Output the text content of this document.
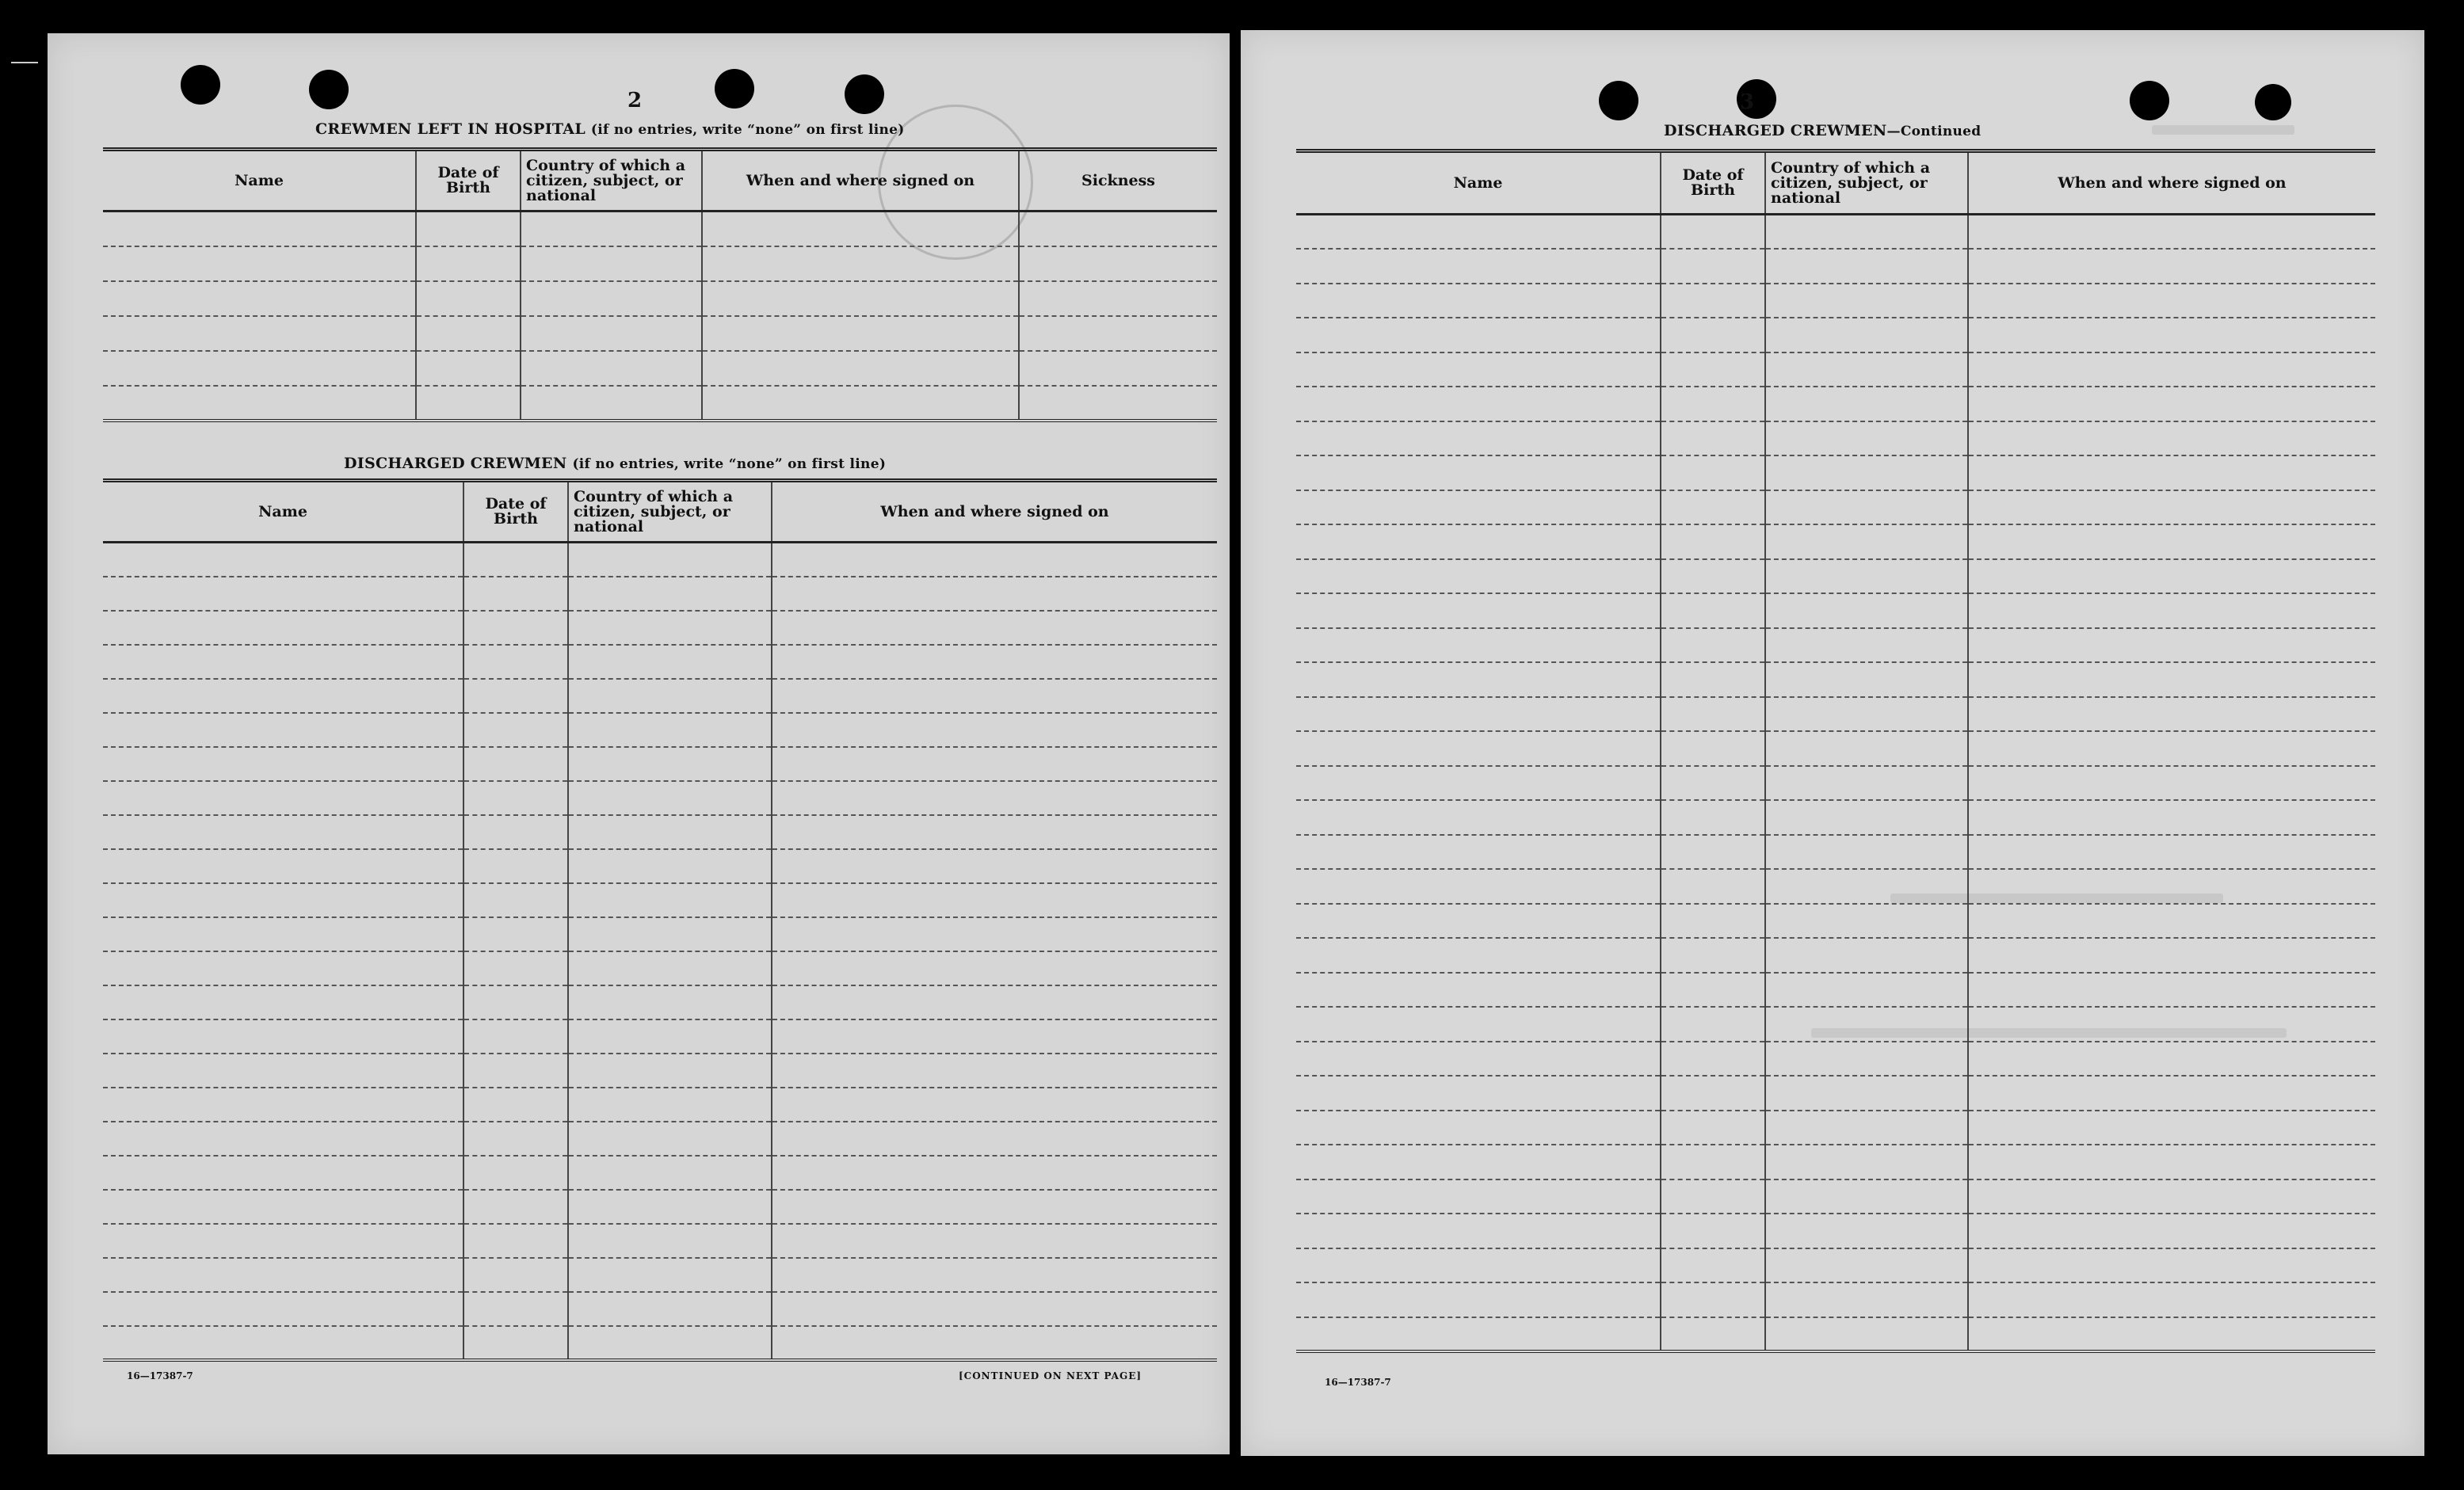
2
CREWMEN LEFT IN HOSPITAL (if no entries, write “none” on first line)
Name	Date of Birth	Country of which a citizen, subject, or national	When and where signed on	Sickness

DISCHARGED CREWMEN (if no entries, write “none” on first line)
Name	Date of Birth	Country of which a citizen, subject, or national	When and where signed on

16—17387-7	[CONTINUED ON NEXT PAGE]
3
DISCHARGED CREWMEN—Continued
Name	Date of Birth	Country of which a citizen, subject, or national	When and where signed on

16—17387-7
